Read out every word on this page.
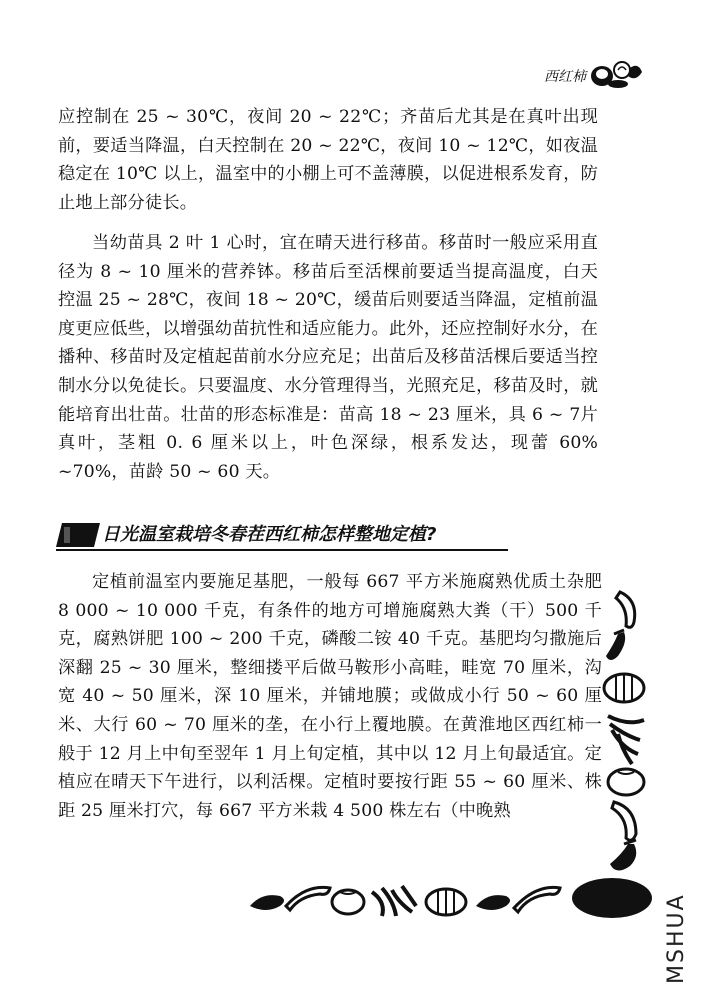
西红柿

应控制在 25 ~ 30℃，夜间 20 ~ 22℃；齐苗后尤其是在真叶出现前，要适当降温，白天控制在 20 ~ 22℃，夜间 10 ~ 12℃，如夜温稳定在 10℃ 以上，温室中的小棚上可不盖薄膜，以促进根系发育，防止地上部分徒长。

当幼苗具 2 叶 1 心时，宜在晴天进行移苗。移苗时一般应采用直径为 8 ~ 10 厘米的营养钵。移苗后至活棵前要适当提高温度，白天控温 25 ~ 28℃，夜间 18 ~ 20℃，缓苗后则要适当降温，定植前温度更应低些，以增强幼苗抗性和适应能力。此外，还应控制好水分，在播种、移苗时及定植起苗前水分应充足；出苗后及移苗活棵后要适当控制水分以免徒长。只要温度、水分管理得当，光照充足，移苗及时，就能培育出壮苗。壮苗的形态标准是：苗高 18 ~ 23 厘米，具 6 ~ 7片真叶，茎粗 0. 6 厘米以上，叶色深绿，根系发达，现蕾 60% ~70%，苗龄 50 ~ 60 天。

日光温室栽培冬春茬西红柿怎样整地定植?

定植前温室内要施足基肥，一般每 667 平方米施腐熟优质土杂肥 8 000 ~ 10 000 千克，有条件的地方可增施腐熟大粪（干）500 千克，腐熟饼肥 100 ~ 200 千克，磷酸二铵 40 千克。基肥均匀撒施后深翻 25 ~ 30 厘米，整细搂平后做马鞍形小高畦，畦宽 70 厘米，沟宽 40 ~ 50 厘米，深 10 厘米，并铺地膜；或做成小行 50 ~ 60 厘米、大行 60 ~ 70 厘米的垄，在小行上覆地膜。在黄淮地区西红柿一般于 12 月上中旬至翌年 1 月上旬定植，其中以 12 月上旬最适宜。定植应在晴天下午进行，以利活棵。定植时要按行距 55 ~ 60 厘米、株距 25 厘米打穴，每 667 平方米栽 4 500 株左右（中晚熟

MSHUA
